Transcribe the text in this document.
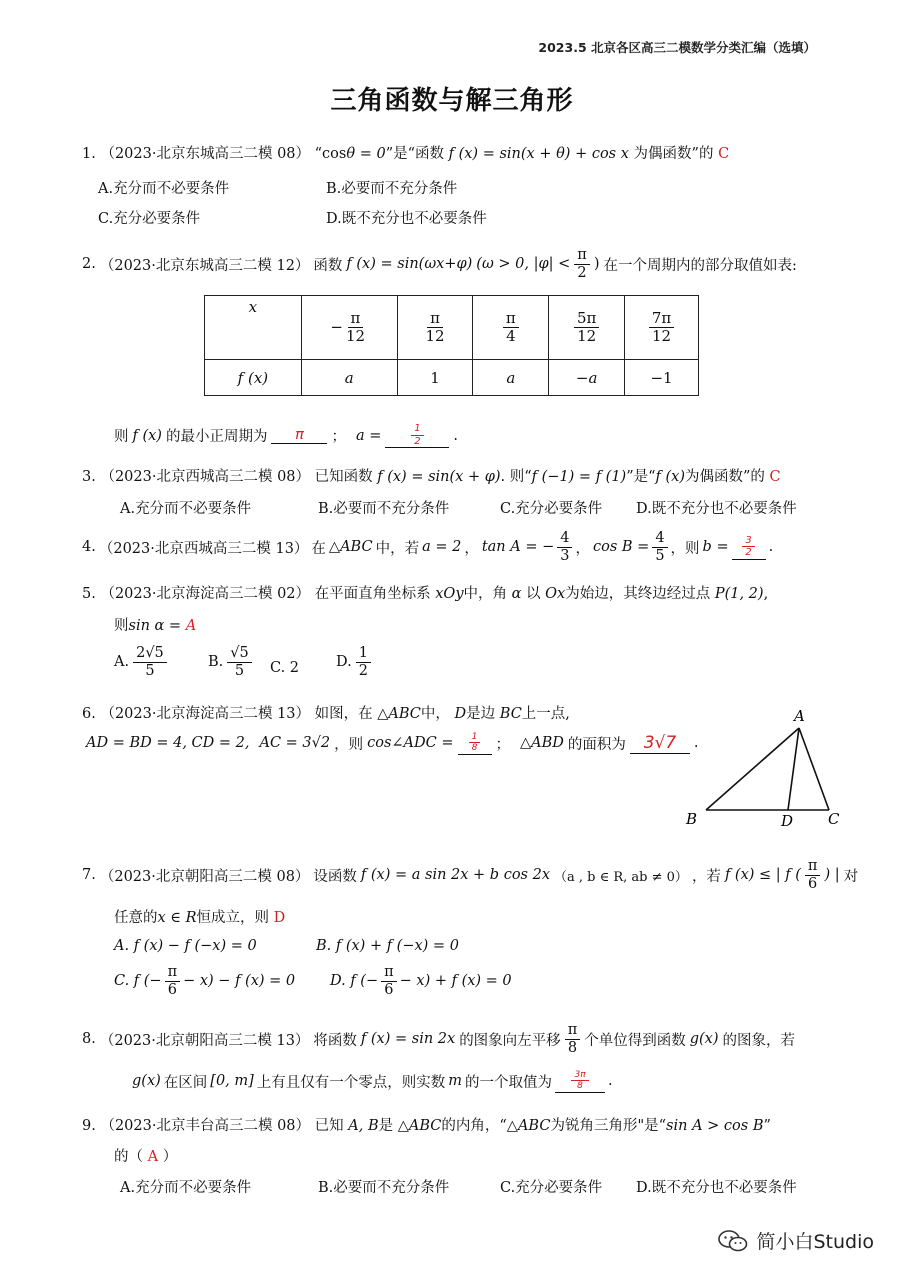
2023.5 北京各区高三二模数学分类汇编（选填）
三角函数与解三角形
1. （2023·北京东城高三二模 08） “cosθ = 0”是“函数 f (x) = sin(x + θ) + cos x 为偶函数”的 C
A.充分而不必要条件	B.必要而不充分条件
C.充分必要条件	D.既不充分也不必要条件
2. （2023·北京东城高三二模 12） 函数 f (x) = sin(ωx+φ) (ω > 0, $|\varphi| < \frac{\pi}{2}$ ) 在一个周期内的部分取值如表:
x	− $\frac{\pi}{12}$	$\frac{\pi}{12}$	$\frac{\pi}{4}$	$\frac{5\pi}{12}$	$\frac{7\pi}{12}$

f (x)	a	1	a	−a	−1
则 f (x) 的最小正周期为	π	； a =	$\frac{1}{2}$ .
3. （2023·北京西城高三二模 08） 已知函数 f (x) = sin(x + φ). 则“f (−1) = f (1)”是“f (x)为偶函数”的 C
A.充分而不必要条件	B.必要而不充分条件	C.充分必要条件 D.既不充分也不必要条件
4. （2023·北京西城高三二模 13） 在 △ABC 中，若 a = 2 ， tan A = − $\frac{4}{3}$ ， $\cos B = \frac{4}{5}$ ，则 $b = \frac{3}{2}$ .
5. （2023·北京海淀高三二模 02） 在平面直角坐标系 xOy中，角 α 以 Ox为始边，其终边经过点 P(1, 2),
则sin α = A
A. $\frac{2√5}{5}$	B. $\frac{√5}{5} C$. 2	D. $\frac{1}{2}$
6. （2023·北京海淀高三二模 13） 如图，在 △ABC中， D是边 BC上一点,
AD = BD = 4, CD = 2, AC = 3√2 ，则 cos∠ADC = $\frac{1}{8}$ ； △ABD 的面积为	3√7	.
A
B	D C
7. （2023·北京朝阳高三二模 08） 设函数 f (x) = a sin 2x + b cos 2x （a , b ∈ R, ab ≠ 0） ，若 f (x) ≤ | f ( $\frac{\pi}{6}$ ) | 对
任意的x ∈ R恒成立，则 D
A. f (x) − f (−x) = 0	B. f (x) + f (−x) = 0
C. f (− $\frac{\pi}{6} - x) - f$ (x) = 0 D. f (− $\frac{\pi}{6} - x) + f$ (x) = 0
8. （2023·北京朝阳高三二模 13） 将函数 f (x) = sin 2x 的图象向左平移 $\frac{\pi}{8}$ 个单位得到函数 g(x) 的图象，若
g(x) 在区间 [0, m] 上有且仅有一个零点，则实数 m 的一个取值为 $\frac{3\pi}{8}$ .
9. （2023·北京丰台高三二模 08） 已知 A, B是 △ABC的内角，“△ABC为锐角三角形"是“sin A > cos B”
的（ A ）
A.充分而不必要条件	B.必要而不充分条件	C.充分必要条件 D.既不充分也不必要条件
简小白Studio
